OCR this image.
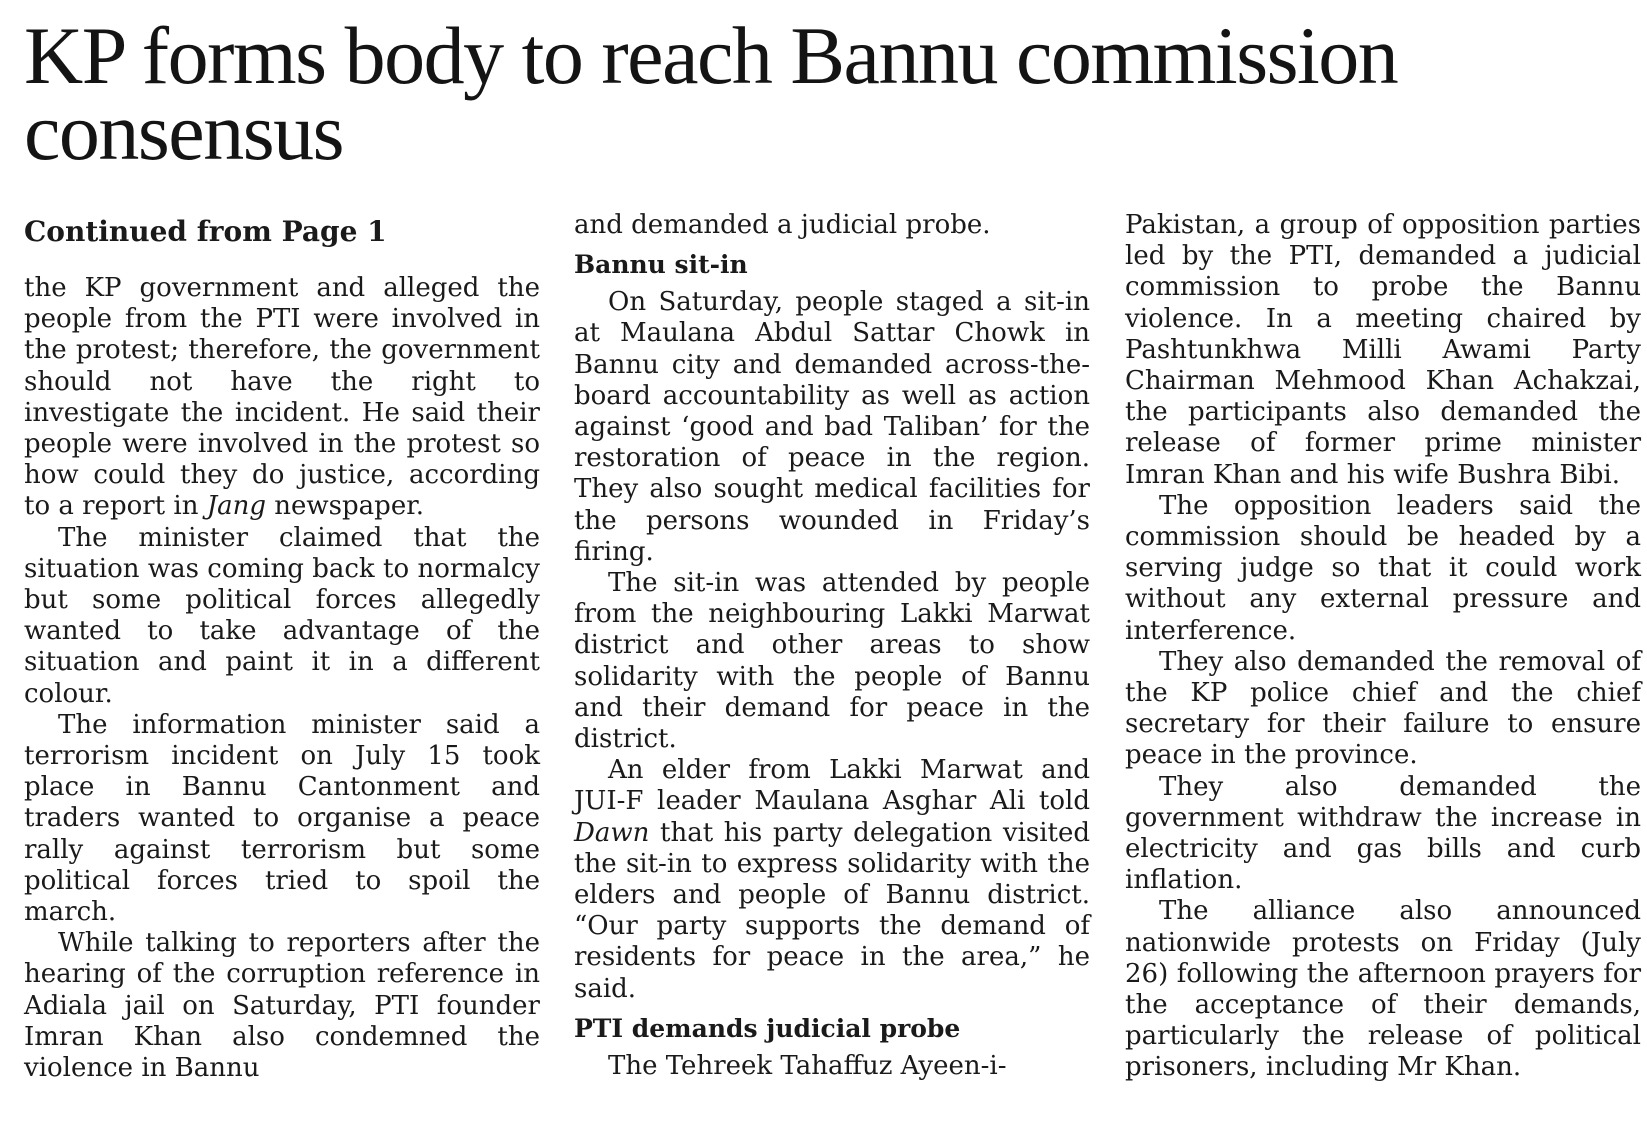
KP forms body to reach Bannu commission consensus
Continued from Page 1

the KP government and alleged the people from the PTI were involved in the protest; therefore, the government should not have the right to investigate the incident. He said their people were involved in the protest so how could they do justice, according to a report in Jang newspaper.

The minister claimed that the situation was coming back to normalcy but some political forces allegedly wanted to take advantage of the situation and paint it in a different colour.

The information minister said a terrorism incident on July 15 took place in Bannu Cantonment and traders wanted to organise a peace rally against terrorism but some political forces tried to spoil the march.

While talking to reporters after the hearing of the corruption reference in Adiala jail on Saturday, PTI founder Imran Khan also condemned the violence in Bannu

and demanded a judicial probe.

Bannu sit-in

On Saturday, people staged a sit-in at Maulana Abdul Sattar Chowk in Bannu city and demanded across-the-board accountability as well as action against ‘good and bad Taliban’ for the restoration of peace in the region. They also sought medical facilities for the persons wounded in Friday’s firing.

The sit-in was attended by people from the neighbouring Lakki Marwat district and other areas to show solidarity with the people of Bannu and their demand for peace in the district.

An elder from Lakki Marwat and JUI-F leader Maulana Asghar Ali told Dawn that his party delegation visited the sit-in to express solidarity with the elders and people of Bannu district. “Our party supports the demand of residents for peace in the area,” he said.

PTI demands judicial probe

The Tehreek Tahaffuz Ayeen-i-

Pakistan, a group of opposition parties led by the PTI, demanded a judicial commission to probe the Bannu violence. In a meeting chaired by Pashtunkhwa Milli Awami Party Chairman Mehmood Khan Achakzai, the participants also demanded the release of former prime minister Imran Khan and his wife Bushra Bibi.

The opposition leaders said the commission should be headed by a serving judge so that it could work without any external pressure and interference.

They also demanded the removal of the KP police chief and the chief secretary for their failure to ensure peace in the province.

They also demanded the government withdraw the increase in electricity and gas bills and curb inflation.

The alliance also announced nationwide protests on Friday (July 26) following the afternoon prayers for the acceptance of their demands, particularly the release of political prisoners, including Mr Khan.
